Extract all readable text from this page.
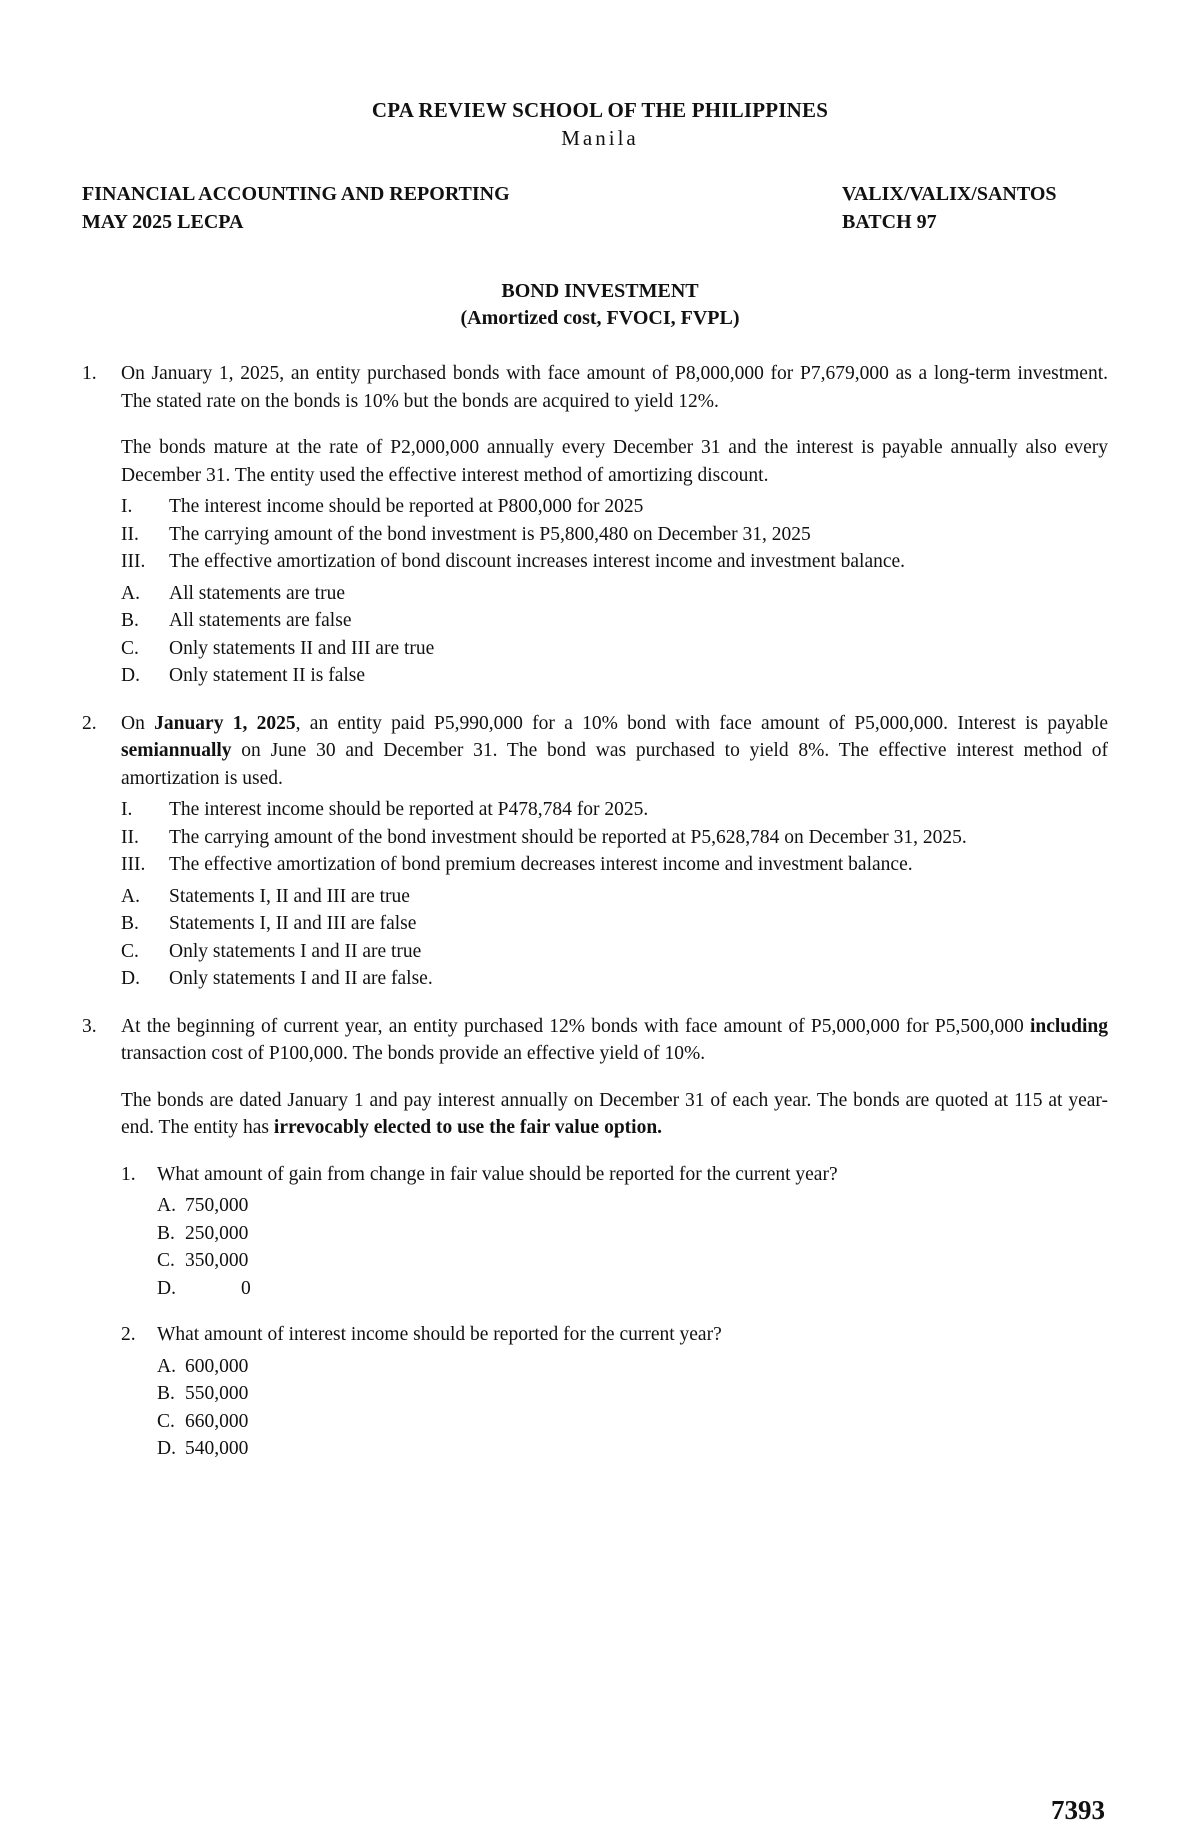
CPA REVIEW SCHOOL OF THE PHILIPPINES
Manila
FINANCIAL ACCOUNTING AND REPORTING
MAY 2025 LECPA
VALIX/VALIX/SANTOS
BATCH 97
BOND INVESTMENT
(Amortized cost, FVOCI, FVPL)
1. On January 1, 2025, an entity purchased bonds with face amount of P8,000,000 for P7,679,000 as a long-term investment. The stated rate on the bonds is 10% but the bonds are acquired to yield 12%.

The bonds mature at the rate of P2,000,000 annually every December 31 and the interest is payable annually also every December 31. The entity used the effective interest method of amortizing discount.

I. The interest income should be reported at P800,000 for 2025
II. The carrying amount of the bond investment is P5,800,480 on December 31, 2025
III. The effective amortization of bond discount increases interest income and investment balance.
A. All statements are true
B. All statements are false
C. Only statements II and III are true
D. Only statement II is false
2. On January 1, 2025, an entity paid P5,990,000 for a 10% bond with face amount of P5,000,000. Interest is payable semiannually on June 30 and December 31. The bond was purchased to yield 8%. The effective interest method of amortization is used.

I. The interest income should be reported at P478,784 for 2025.
II. The carrying amount of the bond investment should be reported at P5,628,784 on December 31, 2025.
III. The effective amortization of bond premium decreases interest income and investment balance.
A. Statements I, II and III are true
B. Statements I, II and III are false
C. Only statements I and II are true
D. Only statements I and II are false.
3. At the beginning of current year, an entity purchased 12% bonds with face amount of P5,000,000 for P5,500,000 including transaction cost of P100,000. The bonds provide an effective yield of 10%.

The bonds are dated January 1 and pay interest annually on December 31 of each year. The bonds are quoted at 115 at year-end. The entity has irrevocably elected to use the fair value option.

1. What amount of gain from change in fair value should be reported for the current year?
A. 750,000
B. 250,000
C. 350,000
D.	0
2. What amount of interest income should be reported for the current year?
A. 600,000
B. 550,000
C. 660,000
D. 540,000
7393
